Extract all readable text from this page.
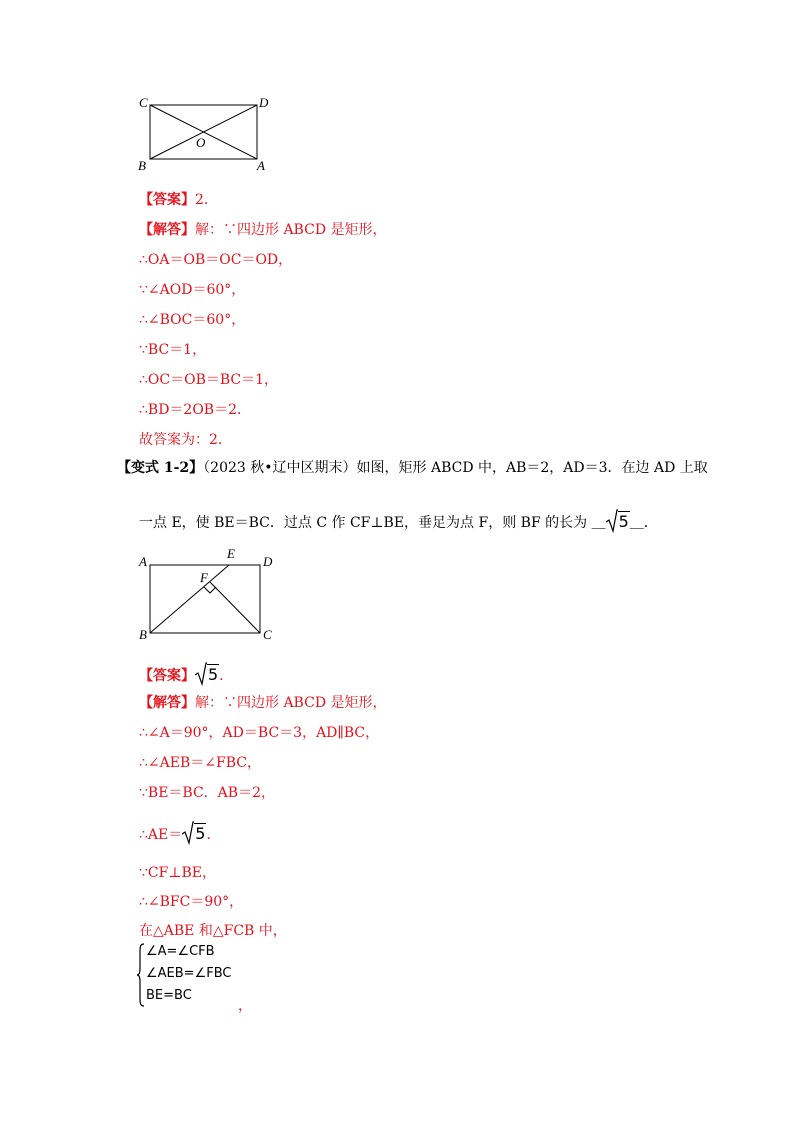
C	D
O
B	A
【答案】2．
【解答】解：∵四边形 ABCD 是矩形，
∴OA＝OB＝OC＝OD，
∵∠AOD＝60°，
∴∠BOC＝60°，
∵BC＝1，
∴OC＝OB＝BC＝1，
∴BD＝2OB＝2．
故答案为：2．
【变式 1-2】（2023 秋•辽中区期末）如图，矩形 ABCD 中，AB＝2，AD＝3．在边 AD 上取
一点 E，使 BE＝BC．过点 C 作 CF⊥BE，垂足为点 F，则 BF 的长为 ＿ 5＿．
A
E
D
F
B	C
【答案】 5．
【解答】解：∵四边形 ABCD 是矩形，
∴∠A＝90°，AD＝BC＝3，AD∥BC，
∴∠AEB＝∠FBC，
∵BE＝BC．AB＝2，
∴AE＝ 5．
∵CF⊥BE，
∴∠BFC＝90°，
在△ABE 和△FCB 中，
∠A=∠CFB
∠AEB=∠FBC
BE=BC
，
